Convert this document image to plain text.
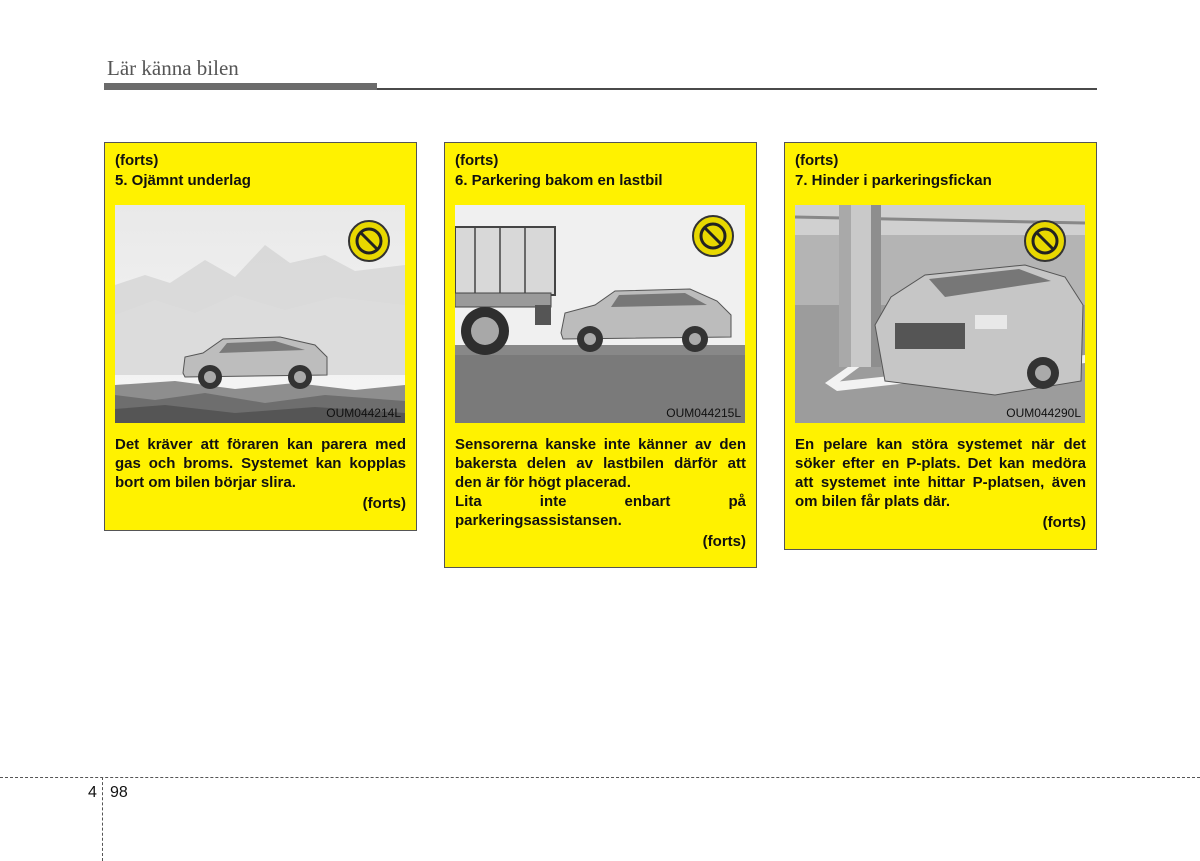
Lär känna bilen
(forts)
5. Ojämnt underlag
OUM044214L

Det kräver att föraren kan parera med gas och broms. Systemet kan kopplas bort om bilen börjar slira.

(forts)
(forts)
6. Parkering bakom en lastbil
OUM044215L

Sensorerna kanske inte känner av den bakersta delen av lastbilen därför att den är för högt placerad.

Lita inte enbart på parkeringsassistansen.

(forts)
(forts)
7. Hinder i parkeringsfickan
OUM044290L

En pelare kan störa systemet när det söker efter en P-plats. Det kan medöra att systemet inte hittar P-platsen, även om bilen får plats där.

(forts)
4 98
